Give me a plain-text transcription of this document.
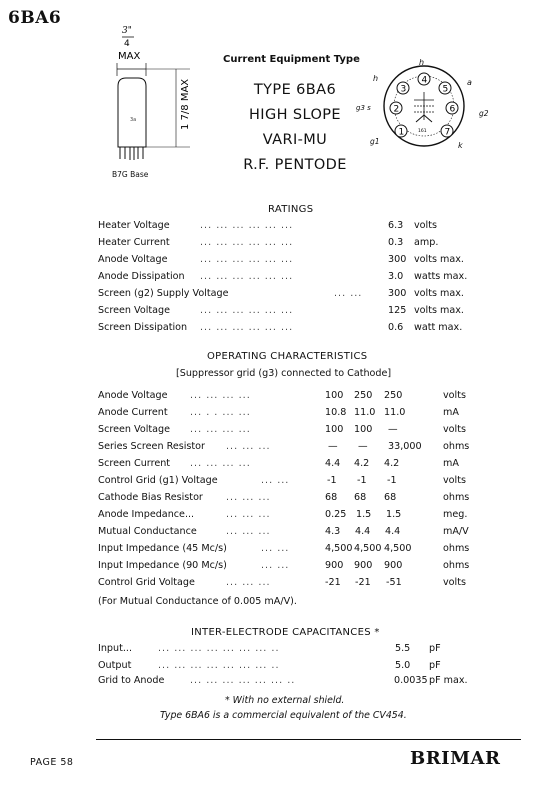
6BA6
Current Equipment Type
TYPE 6BA6
HIGH SLOPE
VARI-MU
R.F. PENTODE
3"
4
MAX
3a	1 7/8 MAX
B7G Base
161
1
2
3
4
5
6
7
h
h	a
g3 s
g2
g1	k
RATINGS
Heater Voltage	... ... ... ... ... ...	6.3 volts
Heater Current	... ... ... ... ... ...	0.3 amp.
Anode Voltage	... ... ... ... ... ...	300 volts max.
Anode Dissipation ... ... ... ... ... ...	3.0 watts max.
Screen (g2) Supply Voltage	... ...	300 volts max.
Screen Voltage	... ... ... ... ... ...	125 volts max.
Screen Dissipation ... ... ... ... ... ...	0.6 watt max.
OPERATING CHARACTERISTICS
[Suppressor grid (g3) connected to Cathode]
Anode Voltage ... ... ... ...	100 250 250	volts
Anode Current ... . . ... ...	10.8 11.0 11.0	mA
Screen Voltage ... ... ... ...	100 100 —	volts
Series Screen Resistor ... ... ...	— — 33,000 ohms
Screen Current ... ... ... ...	4.4 4.2 4.2	mA
Control Grid (g1) Voltage	... ...	-1 -1 -1	volts
Cathode Bias Resistor ... ... ...	68 68 68	ohms
Anode Impedance...	... ... ...	0.25 1.5 1.5	meg.
Mutual Conductance	... ... ...	4.3 4.4 4.4	mA/V
Input Impedance (45 Mc/s)	... ...	4,500 4,500 4,500	ohms
Input Impedance (90 Mc/s)	... ...	900 900 900	ohms
Control Grid Voltage	... ... ...	-21 -21 -51	volts
(For Mutual Conductance of 0.005 mA/V).
INTER-ELECTRODE CAPACITANCES *
Input...	... ... ... ... ... ... ... ..	5.5 pF
Output	... ... ... ... ... ... ... ..	5.0 pF
Grid to Anode	... ... ... ... ... ... ..	0.0035 pF max.
* With no external shield.
Type 6BA6 is a commercial equivalent of the CV454.
PAGE 58	BRIMAR
